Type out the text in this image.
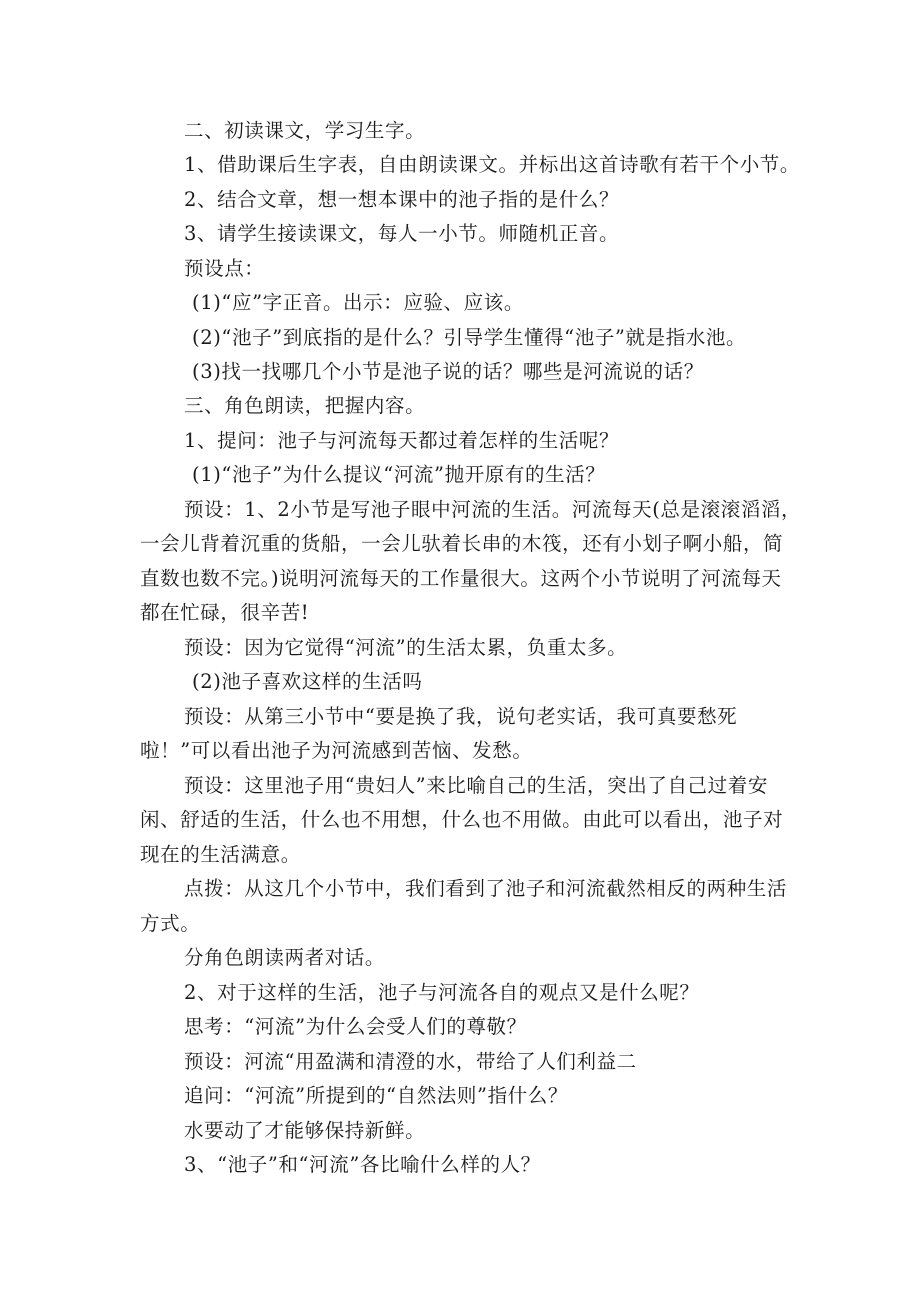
二、初读课文，学习生字。
1、借助课后生字表，自由朗读课文。并标出这首诗歌有若干个小节。
2、结合文章，想一想本课中的池子指的是什么？
3、请学生接读课文，每人一小节。师随机正音。
预设点：
(1)“应”字正音。出示：应验、应该。
(2)“池子”到底指的是什么？引导学生懂得“池子”就是指水池。
(3)找一找哪几个小节是池子说的话？哪些是河流说的话？
三、角色朗读，把握内容。
1、提问：池子与河流每天都过着怎样的生活呢？
(1)“池子”为什么提议“河流”抛开原有的生活？
预设：1、2小节是写池子眼中河流的生活。河流每天(总是滚滚滔滔，
一会儿背着沉重的货船，一会儿驮着长串的木筏，还有小划子啊小船，简
直数也数不完。)说明河流每天的工作量很大。这两个小节说明了河流每天
都在忙碌，很辛苦!
预设：因为它觉得“河流”的生活太累，负重太多。
(2)池子喜欢这样的生活吗
预设：从第三小节中“要是换了我，说句老实话，我可真要愁死
啦！”可以看出池子为河流感到苦恼、发愁。
预设：这里池子用“贵妇人”来比喻自己的生活，突出了自己过着安
闲、舒适的生活，什么也不用想，什么也不用做。由此可以看出，池子对
现在的生活满意。
点拨：从这几个小节中，我们看到了池子和河流截然相反的两种生活
方式。
分角色朗读两者对话。
2、对于这样的生活，池子与河流各自的观点又是什么呢？
思考：“河流”为什么会受人们的尊敬？
预设：河流“用盈满和清澄的水，带给了人们利益二
追问：“河流”所提到的“自然法则”指什么？
水要动了才能够保持新鲜。
3、“池子”和“河流”各比喻什么样的人？
